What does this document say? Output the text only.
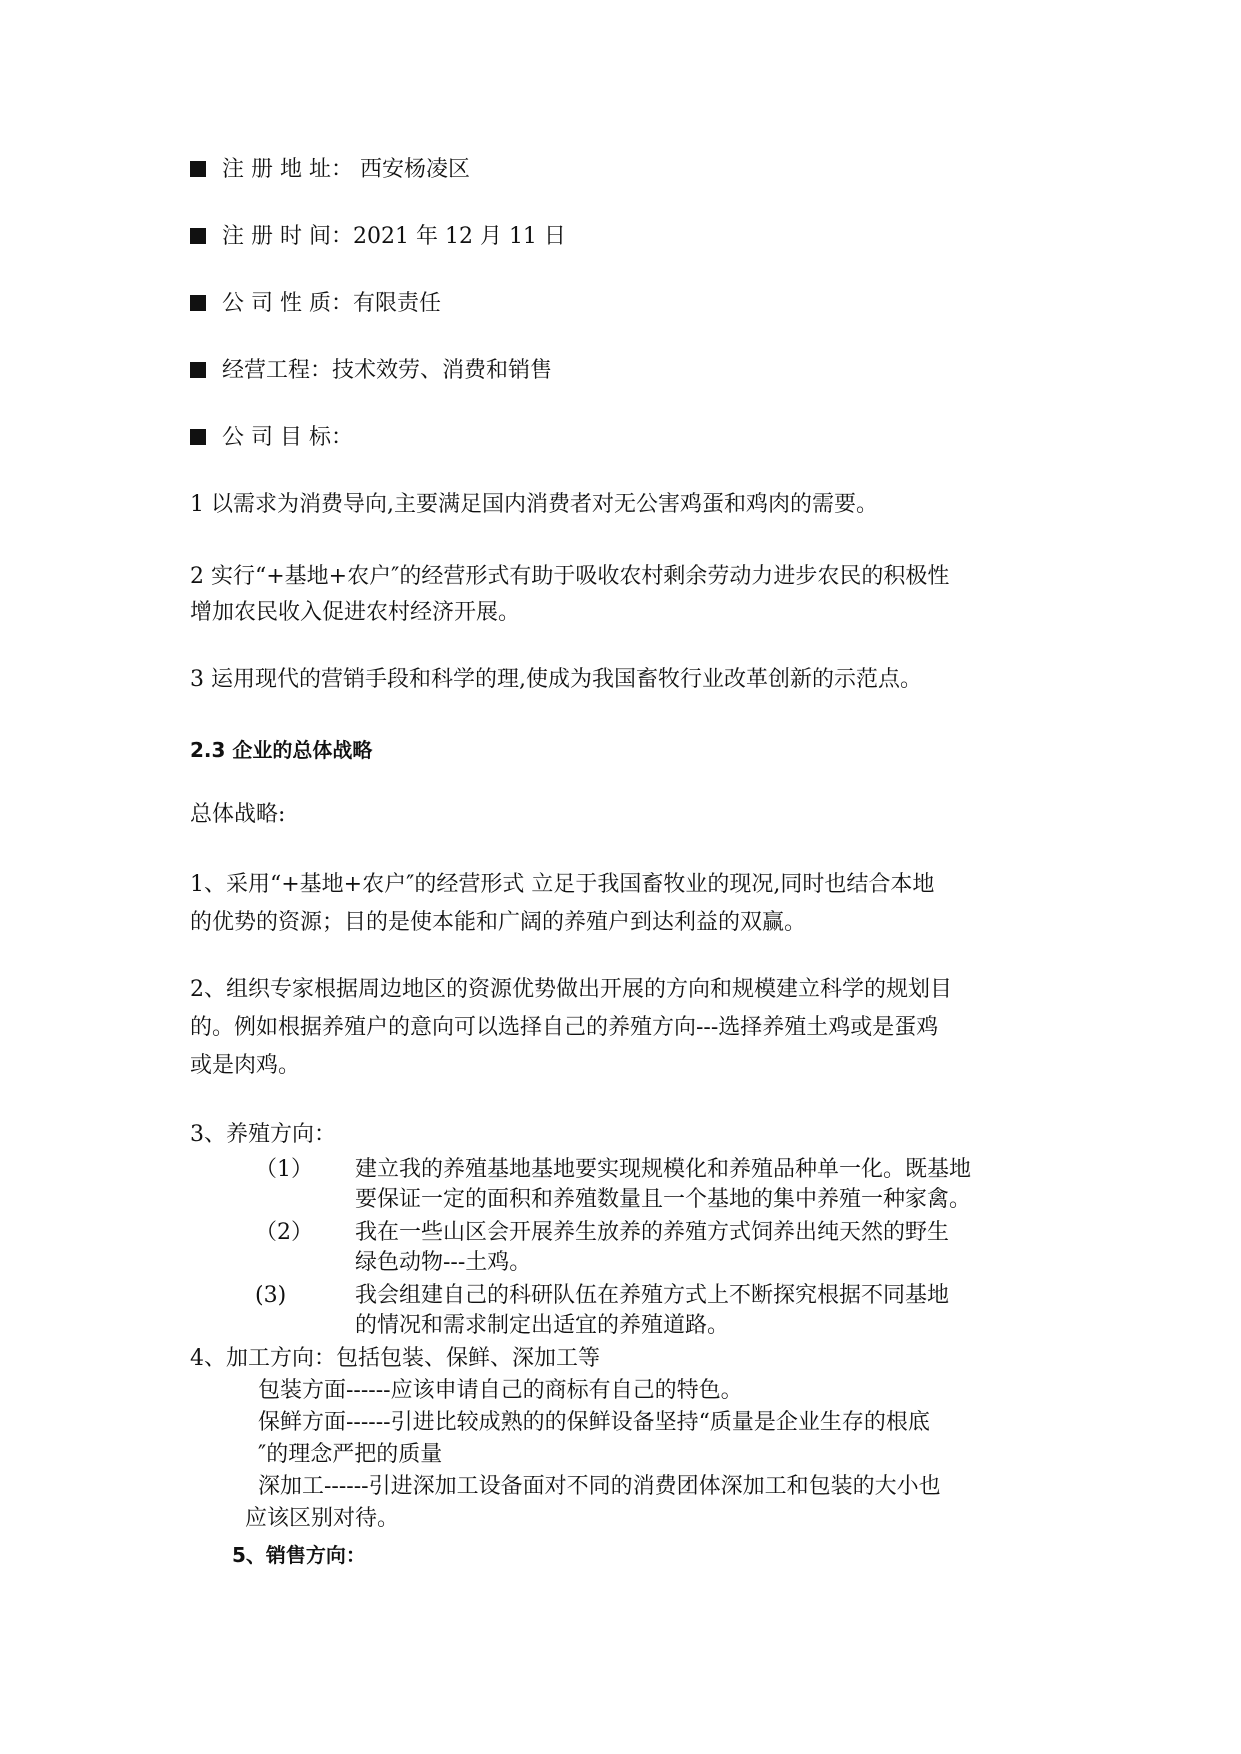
注 册 地 址： 西安杨凌区
注 册 时 间：2021 年 12 月 11 日
公 司 性 质：有限责任
经营工程：技术效劳、消费和销售
公 司 目 标：
1 以需求为消费导向,主要满足国内消费者对无公害鸡蛋和鸡肉的需要。
2 实行“+基地+农户″的经营形式有助于吸收农村剩余劳动力进步农民的积极性
增加农民收入促进农村经济开展。
3 运用现代的营销手段和科学的理,使成为我国畜牧行业改革创新的示范点。
2.3 企业的总体战略
总体战略:
1、采用“+基地+农户″的经营形式 立足于我国畜牧业的现况,同时也结合本地
的优势的资源；目的是使本能和广阔的养殖户到达利益的双赢。
2、组织专家根据周边地区的资源优势做出开展的方向和规模建立科学的规划目
的。例如根据养殖户的意向可以选择自己的养殖方向---选择养殖土鸡或是蛋鸡
或是肉鸡。
3、养殖方向：
（1） 建立我的养殖基地基地要实现规模化和养殖品种单一化。既基地
要保证一定的面积和养殖数量且一个基地的集中养殖一种家禽。
（2） 我在一些山区会开展养生放养的养殖方式饲养出纯天然的野生
绿色动物---土鸡。
(3)	我会组建自己的科研队伍在养殖方式上不断探究根据不同基地
的情况和需求制定出适宜的养殖道路。
4、加工方向：包括包装、保鲜、深加工等
包装方面------应该申请自己的商标有自己的特色。
保鲜方面------引进比较成熟的的保鲜设备坚持“质量是企业生存的根底
″的理念严把的质量
深加工------引进深加工设备面对不同的消费团体深加工和包装的大小也
应该区别对待。
5、销售方向：
